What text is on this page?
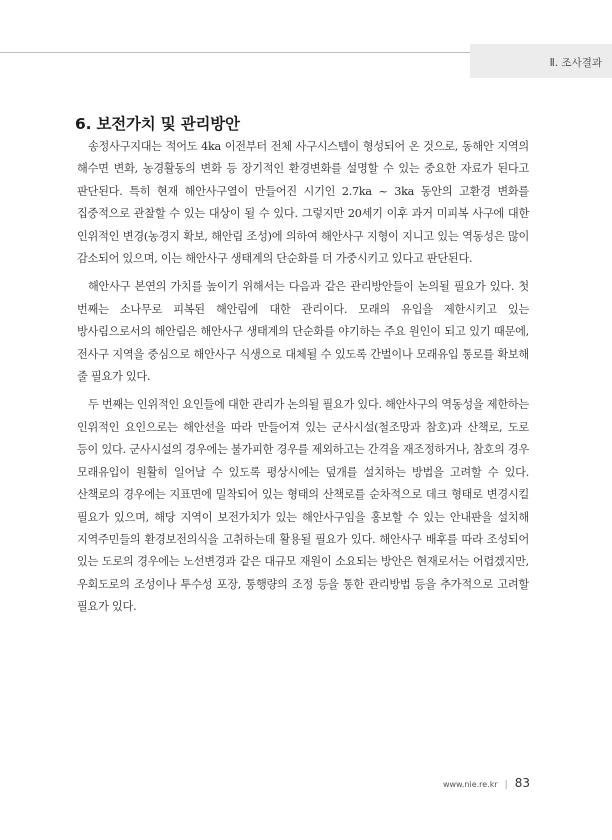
Ⅱ. 조사결과
6. 보전가치 및 관리방안

송정사구지대는 적어도 4ka 이전부터 전체 사구시스템이 형성되어 온 것으로, 동해안 지역의 해수면 변화, 농경활동의 변화 등 장기적인 환경변화를 설명할 수 있는 중요한 자료가 된다고 판단된다. 특히 현재 해안사구열이 만들어진 시기인 2.7ka ~ 3ka 동안의 고환경 변화를 집중적으로 관찰할 수 있는 대상이 될 수 있다. 그렇지만 20세기 이후 과거 미피복 사구에 대한 인위적인 변경(농경지 확보, 해안림 조성)에 의하여 해안사구 지형이 지니고 있는 역동성은 많이 감소되어 있으며, 이는 해안사구 생태계의 단순화를 더 가중시키고 있다고 판단된다.

해안사구 본연의 가치를 높이기 위해서는 다음과 같은 관리방안들이 논의될 필요가 있다. 첫 번째는 소나무로 피복된 해안림에 대한 관리이다. 모래의 유입을 제한시키고 있는 방사림으로서의 해안림은 해안사구 생태계의 단순화를 야기하는 주요 원인이 되고 있기 때문에, 전사구 지역을 중심으로 해안사구 식생으로 대체될 수 있도록 간벌이나 모래유입 통로를 확보해 줄 필요가 있다.

두 번째는 인위적인 요인들에 대한 관리가 논의될 필요가 있다. 해안사구의 역동성을 제한하는 인위적인 요인으로는 해안선을 따라 만들어져 있는 군사시설(철조망과 참호)과 산책로, 도로 등이 있다. 군사시설의 경우에는 불가피한 경우를 제외하고는 간격을 재조정하거나, 참호의 경우 모래유입이 원활히 일어날 수 있도록 평상시에는 덮개를 설치하는 방법을 고려할 수 있다. 산책로의 경우에는 지표면에 밀착되어 있는 형태의 산책로를 순차적으로 데크 형태로 변경시킬 필요가 있으며, 해당 지역이 보전가치가 있는 해안사구임을 홍보할 수 있는 안내판을 설치해 지역주민들의 환경보전의식을 고취하는데 활용될 필요가 있다. 해안사구 배후를 따라 조성되어 있는 도로의 경우에는 노선변경과 같은 대규모 재원이 소요되는 방안은 현재로서는 어렵겠지만, 우회도로의 조성이나 투수성 포장, 통행량의 조정 등을 통한 관리방법 등을 추가적으로 고려할 필요가 있다.

www.nie.re.kr | 83
